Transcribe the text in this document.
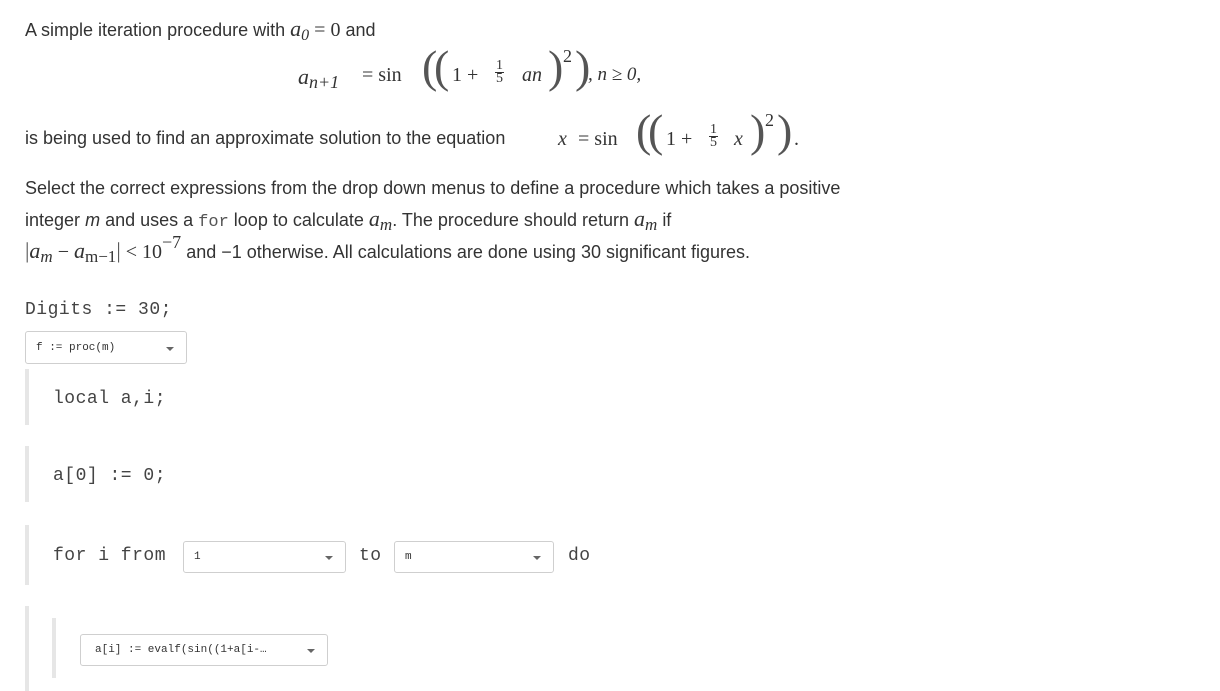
A simple iteration procedure with a0 = 0 and
an+1 = sin (
( $1 + \frac{1}{5}$ an ) 2 )
, n ≥ 0,
is being used to find an approximate solution to the equation	x = sin (
( $1 + \frac{1}{5}$ x ) 2 ) .
Select the correct expressions from the drop down menus to define a procedure which takes a positive
integer m and uses a for loop to calculate am. The procedure should return am if
|am − am−1| < 10−7 and −1 otherwise. All calculations are done using 30 significant figures.
Digits := 30;
f := proc(m)
local a,i;
a[0] := 0;
for i from	1	to m	do
a[i] := evalf(sin((1+a[i-…
